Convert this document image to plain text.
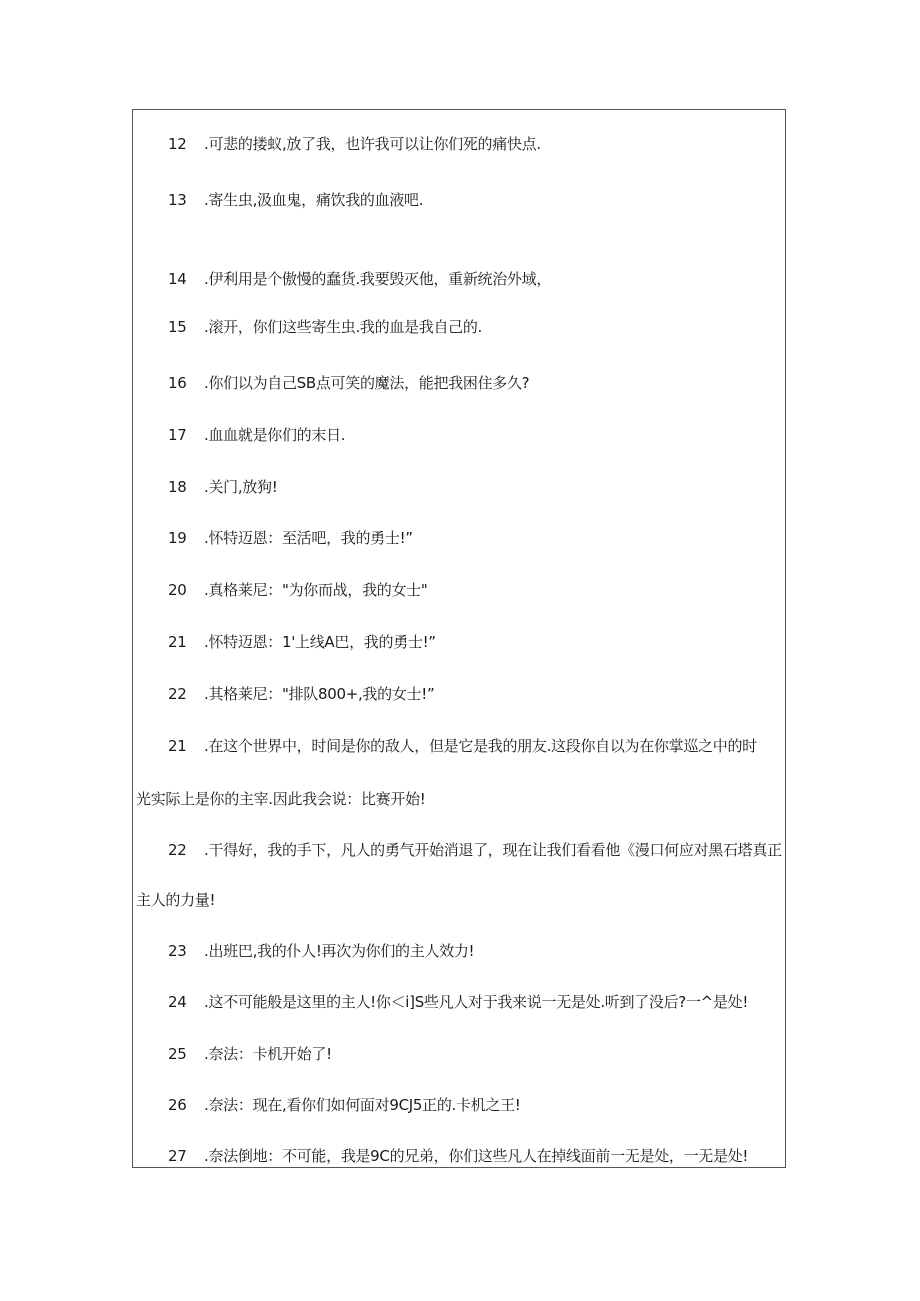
12 .可悲的搂蚁,放了我，也许我可以让你们死的痛快点.
13 .寄生虫,汲血鬼，痛饮我的血液吧.
14 .伊利用是个傲慢的蠢货.我要毁灭他，重新统治外域，
15 .滚开，你们这些寄生虫.我的血是我自己的.
16 .你们以为自己SB点可笑的魔法，能把我困住多久?
17 .血血就是你们的末日.
18 .关门,放狗!
19 .怀特迈恩：至活吧，我的勇士!”
20 .真格莱尼："为你而战，我的女士"
21 .怀特迈恩：1'上线A巴，我的勇士!”
22 .其格莱尼："排队800+,我的女士!”
21 .在这个世界中，时间是你的敌人，但是它是我的朋友.这段你自以为在你掌巡之中的时
光实际上是你的主宰.因此我会说：比赛开始!
22 .干得好，我的手下，凡人的勇气开始消退了，现在让我们看看他《漫口何应对黑石塔真正
主人的力量!
23 .出班巴,我的仆人!再次为你们的主人效力!
24 .这不可能般是这里的主人!你＜i]S些凡人对于我来说一无是处.听到了没后?一^是处!
25 .奈法：卡机开始了!
26 .奈法：现在,看你们如何面对9CJ5正的.卡机之王!
27 .奈法倒地：不可能，我是9C的兄弟，你们这些凡人在掉线面前一无是处，一无是处!
